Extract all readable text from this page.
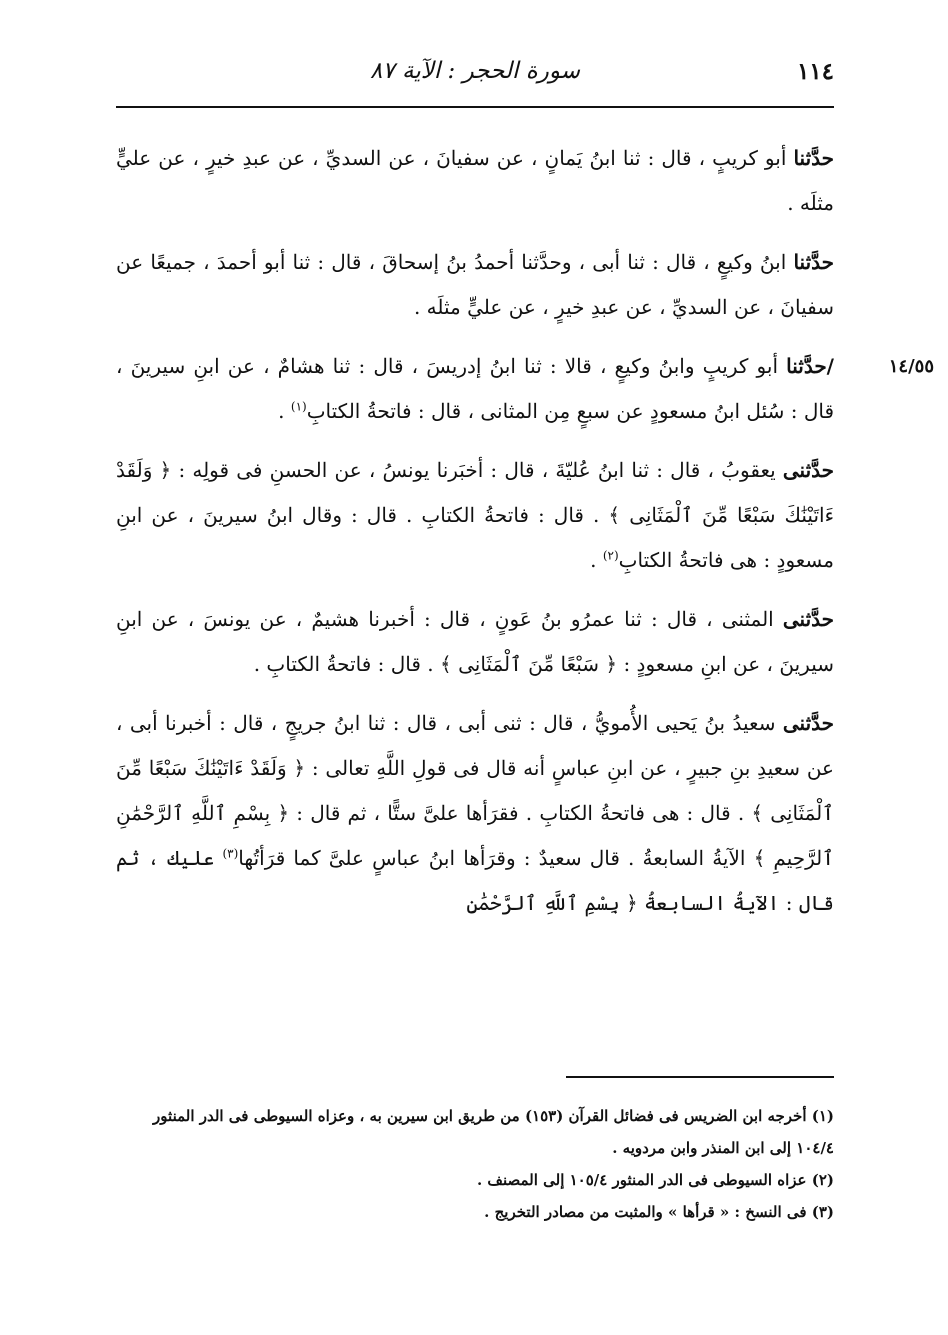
١١٤
سورة الحجر : الآية ٨٧

حدَّثنا أبو كريبٍ ، قال : ثنا ابنُ يَمانٍ ، عن سفيانَ ، عن السديِّ ، عن عبدِ خيرٍ ، عن عليٍّ مثلَه .

حدَّثنا ابنُ وكيعٍ ، قال : ثنا أبى ، وحدَّثنا أحمدُ بنُ إسحاقَ ، قال : ثنا أبو أحمدَ ، جميعًا عن سفيانَ ، عن السديِّ ، عن عبدِ خيرٍ ، عن عليٍّ مثلَه .

١٤/٥٥
/حدَّثنا أبو كريبٍ وابنُ وكيعٍ ، قالا : ثنا ابنُ إدريسَ ، قال : ثنا هشامٌ ، عن ابنِ سيرينَ ، قال : سُئل ابنُ مسعودٍ عن سبعٍ مِن المثانى ، قال : فاتحةُ الكتابِ$^{(١)}$ .

حدَّثنى يعقوبُ ، قال : ثنا ابنُ عُليّةَ ، قال : أخبَرنا يونسُ ، عن الحسنِ فى قولِه : ﴿ وَلَقَدْ ءَاتَيْنَٰكَ سَبْعًا مِّنَ ٱلْمَثَانِى ﴾ . قال : فاتحةُ الكتابِ . قال : وقال ابنُ سيرينَ ، عن ابنِ مسعودٍ : هى فاتحةُ الكتابِ$^{(٢)}$ .

حدَّثنى المثنى ، قال : ثنا عمرُو بنُ عَونٍ ، قال : أخبرنا هشيمٌ ، عن يونسَ ، عن ابنِ سيرينَ ، عن ابنِ مسعودٍ : ﴿ سَبْعًا مِّنَ ٱلْمَثَانِى ﴾ . قال : فاتحةُ الكتابِ .

حدَّثنى سعيدُ بنُ يَحيى الأُمويُّ ، قال : ثنى أبى ، قال : ثنا ابنُ جريجٍ ، قال : أخبرنا أبى ، عن سعيدِ بنِ جبيرٍ ، عن ابنِ عباسٍ أنه قال فى قولِ اللَّهِ تعالى : ﴿ وَلَقَدْ ءَاتَيْنَٰكَ سَبْعًا مِّنَ ٱلْمَثَانِى ﴾ . قال : هى فاتحةُ الكتابِ . فقرَأها علىَّ ستًّا ، ثم قال : ﴿ بِسْمِ ٱللَّهِ ٱلرَّحْمَٰنِ ٱلرَّحِيمِ ﴾ الآيةُ السابعةُ . قال سعيدٌ : وقرَأها ابنُ عباسٍ علىَّ كما قرَأتُها$^{(٣)}$ عليك ، ثم قال : الآيةُ السابعةُ ﴿ بِسْمِ ٱللَّهِ ٱلرَّحْمَٰنِ

(١) أخرجه ابن الضريس فى فضائل القرآن (١٥٣) من طريق ابن سيرين به ، وعزاه السيوطى فى الدر المنثور ١٠٤/٤ إلى ابن المنذر وابن مردويه .

(٢) عزاه السيوطى فى الدر المنثور ١٠٥/٤ إلى المصنف .

(٣) فى النسخ : « قرأها » والمثبت من مصادر التخريج .
